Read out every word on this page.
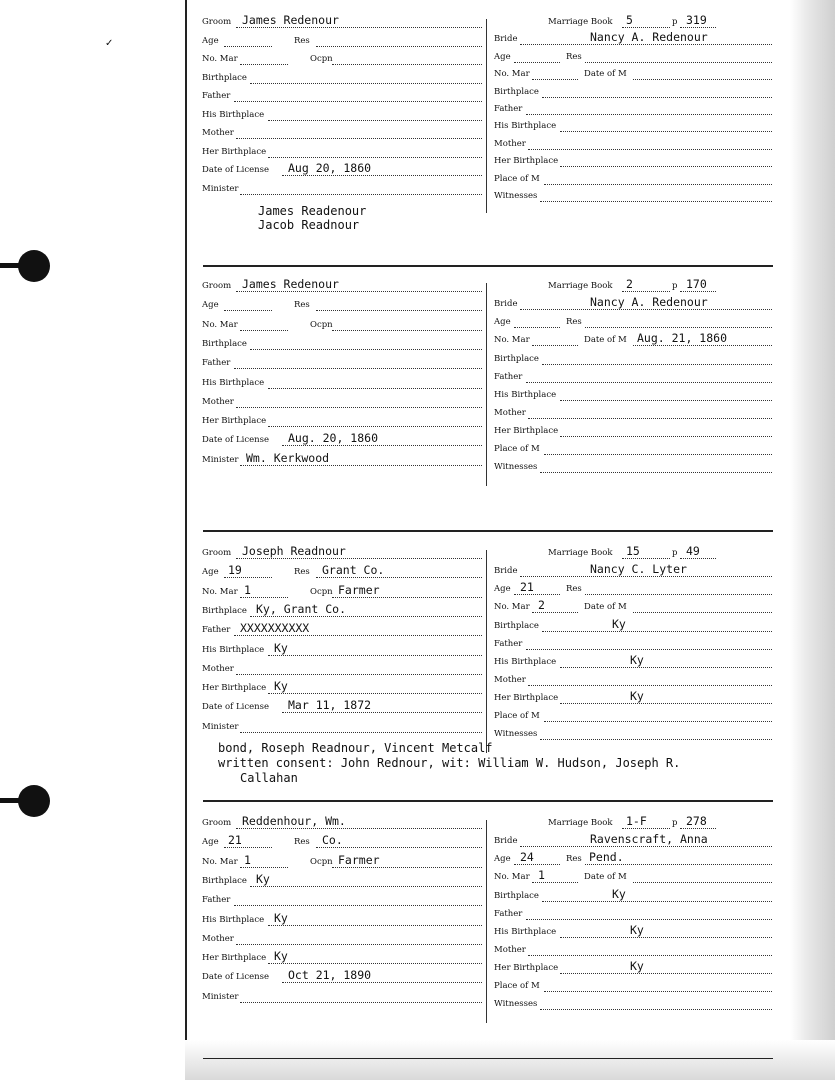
✓
Groom James Redenour
Age	Res
No. Mar	Ocpn
Birthplace
Father
His Birthplace
Mother
Her Birthplace
Date of License Aug 20, 1860
Minister
Marriage Book 5	p 319
Bride	Nancy A. Redenour
Age	Res
No. Mar	Date of M
Birthplace
Father
His Birthplace
Mother
Her Birthplace
Place of M
Witnesses
James Readenour
Jacob Readnour
Groom James Redenour
Age	Res
No. Mar	Ocpn
Birthplace
Father
His Birthplace
Mother
Her Birthplace
Date of License Aug. 20, 1860
Minister Wm. Kerkwood
Marriage Book 2	p 170
Bride	Nancy A. Redenour
Age	Res
No. Mar	Date of M Aug. 21, 1860
Birthplace
Father
His Birthplace
Mother
Her Birthplace
Place of M
Witnesses
Groom Joseph Readnour
Age 19	Res Grant Co.
No. Mar 1	Ocpn Farmer
Birthplace Ky, Grant Co.
Father XXXXXXXXXX
His Birthplace Ky
Mother
Her Birthplace Ky
Date of License Mar 11, 1872
Minister
Marriage Book 15	p 49
Bride	Nancy C. Lyter
Age 21	Res
No. Mar 2	Date of M
Birthplace	Ky
Father
His Birthplace	Ky
Mother
Her Birthplace	Ky
Place of M
Witnesses
bond, Roseph Readnour, Vincent Metcalf
written consent: John Rednour, wit: William W. Hudson, Joseph R.
Callahan
Groom Reddenhour, Wm.
Age 21	Res Co.
No. Mar 1	Ocpn Farmer
Birthplace Ky
Father
His Birthplace Ky
Mother
Her Birthplace Ky
Date of License Oct 21, 1890
Minister
Marriage Book 1-F	p 278
Bride	Ravenscraft, Anna
Age 24	Res Pend.
No. Mar 1	Date of M
Birthplace	Ky
Father
His Birthplace	Ky
Mother
Her Birthplace	Ky
Place of M
Witnesses
